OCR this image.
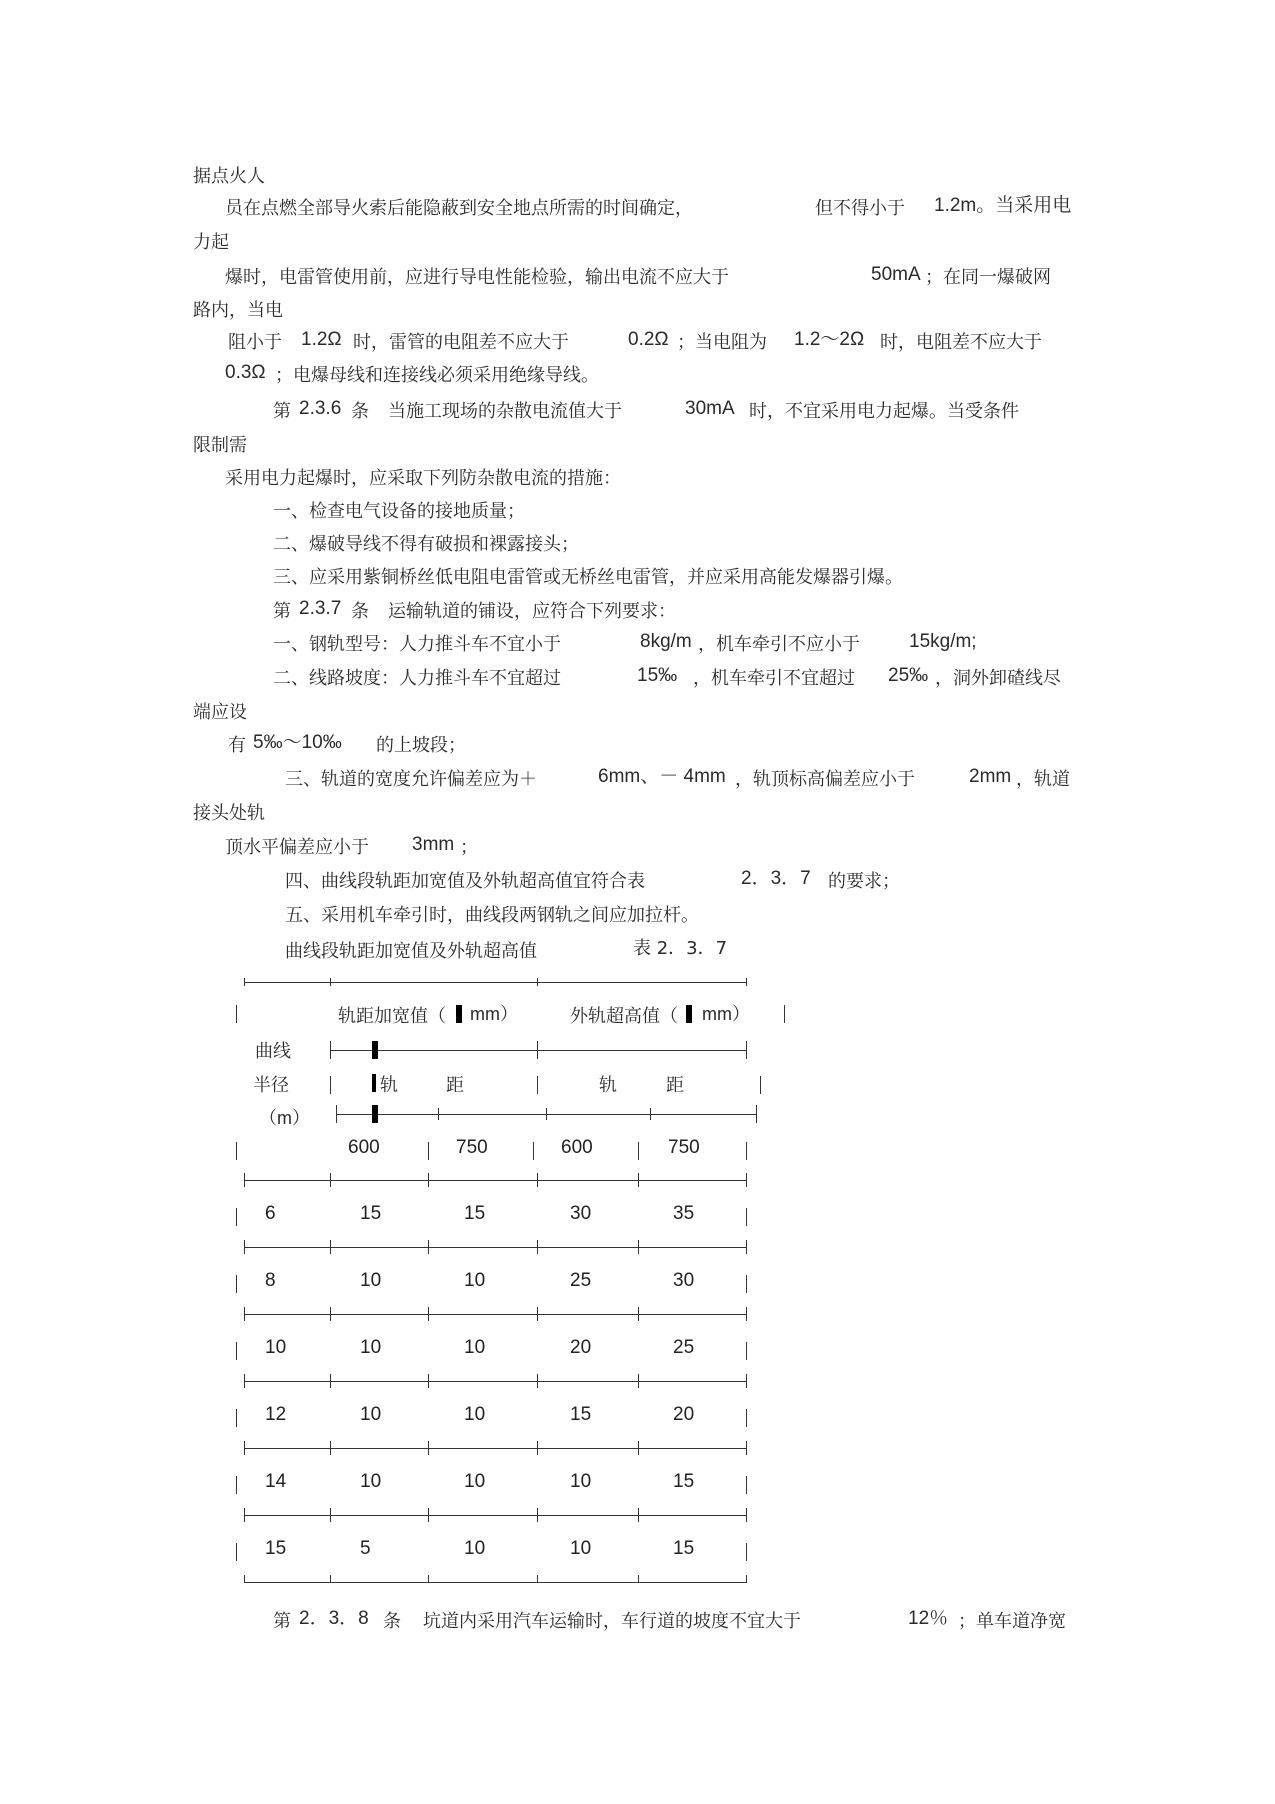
据点火人
员在点燃全部导火索后能隐蔽到安全地点所需的时间确定，	但不得小于 1.2m。当采用电
力起
爆时，电雷管使用前，应进行导电性能检验，输出电流不应大于	50mA ；在同一爆破网
路内，当电
阻小于 1.2Ω 时，雷管的电阻差不应大于	0.2Ω ；当电阻为 1.2～2Ω 时，电阻差不应大于
0.3Ω ；电爆母线和连接线必须采用绝缘导线。
第 2.3.6 条 当施工现场的杂散电流值大于	30mA 时，不宜采用电力起爆。当受条件
限制需
采用电力起爆时，应采取下列防杂散电流的措施：
一、检查电气设备的接地质量；
二、爆破导线不得有破损和裸露接头；
三、应采用紫铜桥丝低电阻电雷管或无桥丝电雷管，并应采用高能发爆器引爆。
第 2.3.7 条 运输轨道的铺设，应符合下列要求：
一、钢轨型号：人力推斗车不宜小于	8kg/m ，机车牵引不应小于	15kg/m;
二、线路坡度：人力推斗车不宜超过	15‰ ，机车牵引不宜超过 25‰ ，洞外卸碴线尽
端应设
有 5‰～10‰ 的上坡段；
三、轨道的宽度允许偏差应为＋	6mm、－ 4mm ，轨顶标高偏差应小于	2mm ，轨道
接头处轨
顶水平偏差应小于 3mm ；
四、曲线段轨距加宽值及外轨超高值宜符合表	2．3．7 的要求；
五、采用机车牵引时，曲线段两钢轨之间应加拉杆。
曲线段轨距加宽值及外轨超高值	表 2．3．7
轨距加宽值（ mm）	外轨超高值（ mm）
曲线
半径
（m）
轨	距	轨	距
600	750	600	750
6	15	15	30	35
8	10	10	25	30
10	10	10	20	25
12	10	10	15	20
14	10	10	10	15
15	5	10	10	15
第 2．3．8 条 坑道内采用汽车运输时，车行道的坡度不宜大于	12％ ；单车道净宽
